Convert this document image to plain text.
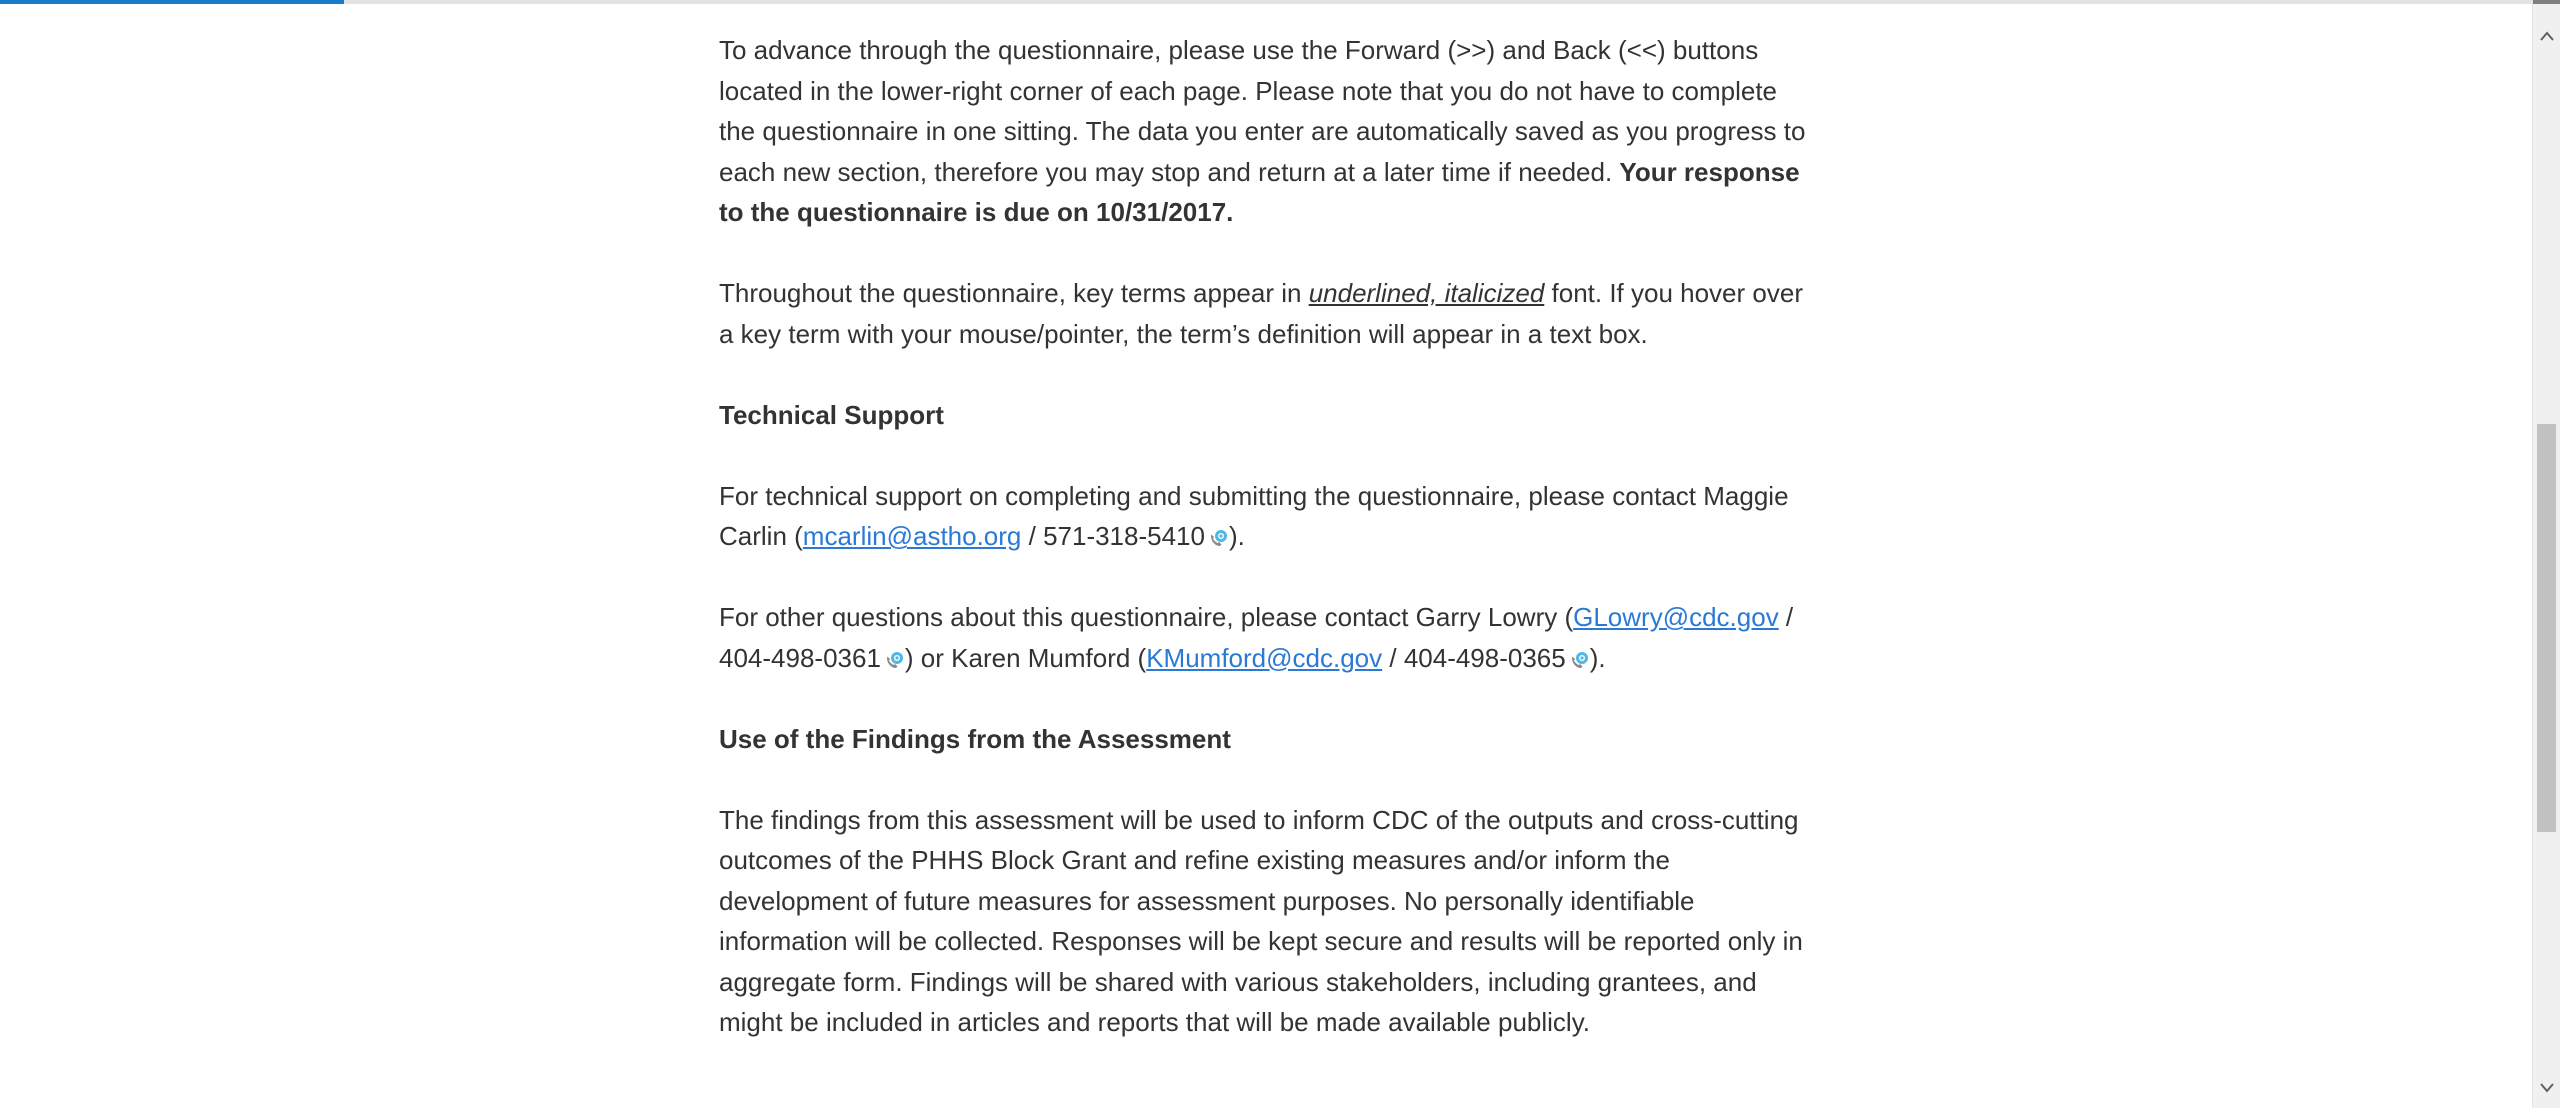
To advance through the questionnaire, please use the Forward (>>) and Back (<<) buttons located in the lower-right corner of each page. Please note that you do not have to complete the questionnaire in one sitting. The data you enter are automatically saved as you progress to each new section, therefore you may stop and return at a later time if needed. Your response to the questionnaire is due on 10/31/2017.

Throughout the questionnaire, key terms appear in underlined, italicized font. If you hover over a key term with your mouse/pointer, the term’s definition will appear in a text box.

Technical Support

For technical support on completing and submitting the questionnaire, please contact Maggie Carlin (mcarlin@astho.org / 571-318-5410 ).

For other questions about this questionnaire, please contact Garry Lowry (GLowry@cdc.gov / 404-498-0361 ) or Karen Mumford (KMumford@cdc.gov / 404-498-0365 ).

Use of the Findings from the Assessment

The findings from this assessment will be used to inform CDC of the outputs and cross-cutting outcomes of the PHHS Block Grant and refine existing measures and/or inform the development of future measures for assessment purposes. No personally identifiable information will be collected. Responses will be kept secure and results will be reported only in aggregate form. Findings will be shared with various stakeholders, including grantees, and might be included in articles and reports that will be made available publicly.
